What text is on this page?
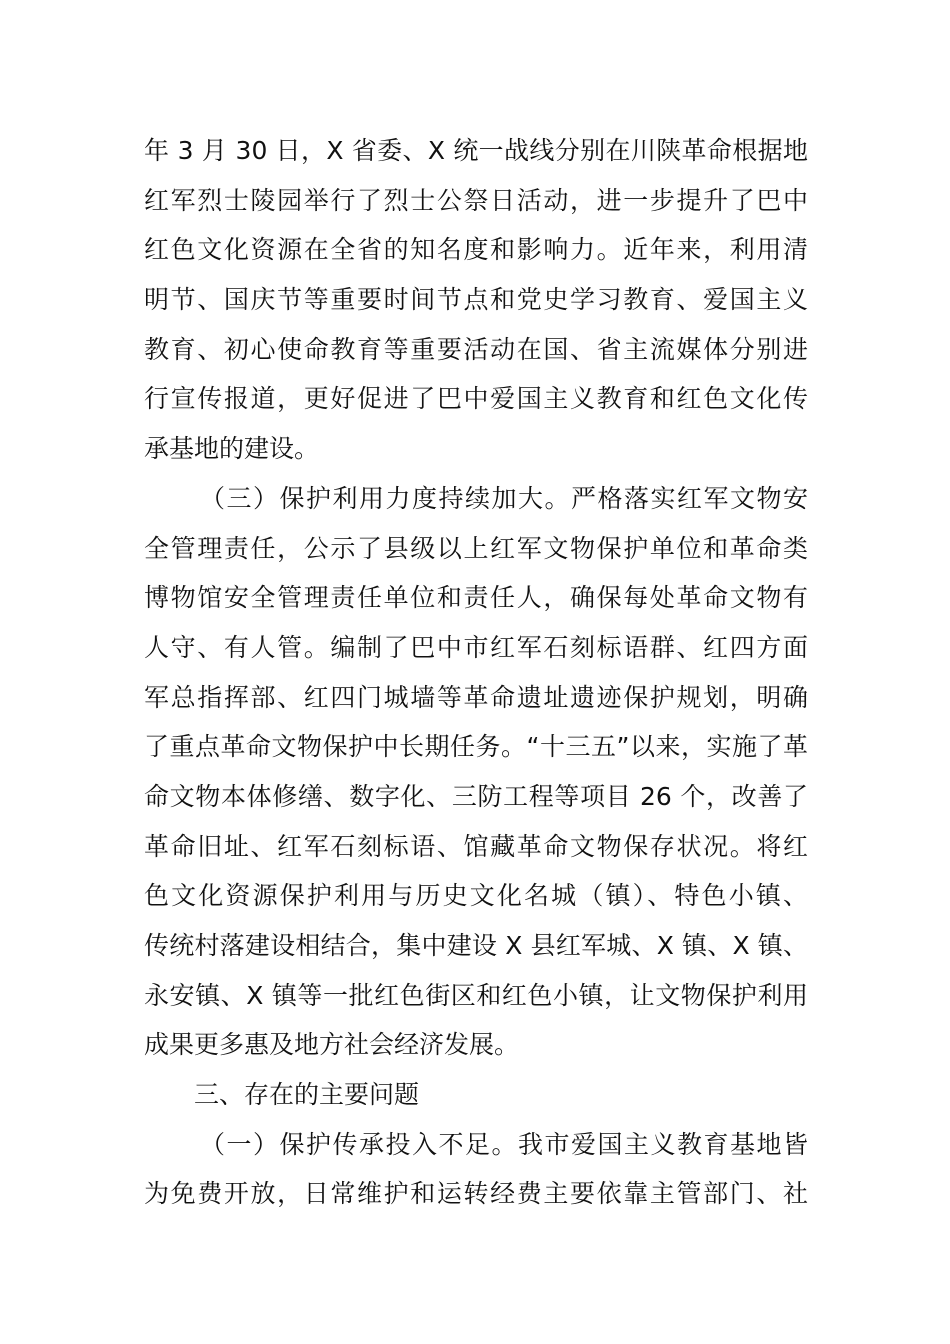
年 3 月 30 日，X 省委、X 统一战线分别在川陕革命根据地
红军烈士陵园举行了烈士公祭日活动，进一步提升了巴中
红色文化资源在全省的知名度和影响力。近年来，利用清
明节、国庆节等重要时间节点和党史学习教育、爱国主义
教育、初心使命教育等重要活动在国、省主流媒体分别进
行宣传报道，更好促进了巴中爱国主义教育和红色文化传
承基地的建设。
（三）保护利用力度持续加大。严格落实红军文物安
全管理责任，公示了县级以上红军文物保护单位和革命类
博物馆安全管理责任单位和责任人，确保每处革命文物有
人守、有人管。编制了巴中市红军石刻标语群、红四方面
军总指挥部、红四门城墙等革命遗址遗迹保护规划，明确
了重点革命文物保护中长期任务。“十三五”以来，实施了革
命文物本体修缮、数字化、三防工程等项目 26 个，改善了
革命旧址、红军石刻标语、馆藏革命文物保存状况。将红
色文化资源保护利用与历史文化名城（镇）、特色小镇、
传统村落建设相结合，集中建设 X 县红军城、X 镇、X 镇、
永安镇、X 镇等一批红色街区和红色小镇，让文物保护利用
成果更多惠及地方社会经济发展。
三、存在的主要问题
（一）保护传承投入不足。我市爱国主义教育基地皆
为免费开放，日常维护和运转经费主要依靠主管部门、社
